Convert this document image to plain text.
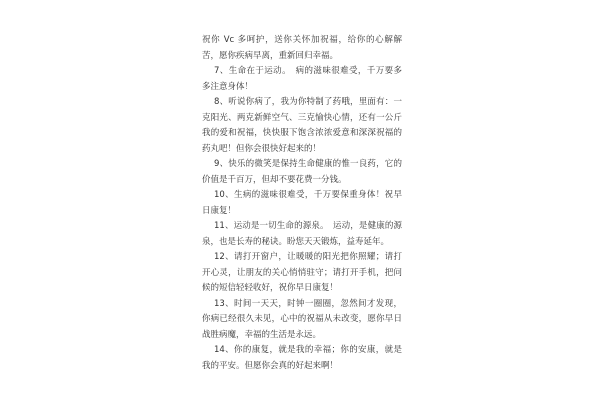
祝你 Vc 多呵护，送你关怀加祝福，给你的心解解苦，愿你疾病早离，重新回归幸福。

7、生命在于运动。　病的滋味很难受，千万要多多注意身体！

8、听说你病了，我为你特制了药哦，里面有：一克阳光、两克新鲜空气、三克愉快心情，还有一公斤我的爱和祝福，快快服下饱含浓浓爱意和深深祝福的药丸吧！但你会很快好起来的！

9、快乐的微笑是保持生命健康的惟一良药，它的价值是千百万，但却不要花费一分钱。

10、生病的滋味很难受，千万要保重身体！祝早日康复！

11、运动是一切生命的源泉。　运动，是健康的源泉，也是长寿的秘诀。盼您天天锻炼，益寿延年。

12、请打开窗户，让暖暖的阳光把你照耀；请打开心灵，让朋友的关心悄悄驻守；请打开手机，把问候的短信轻轻收好，祝你早日康复！

13、时间一天天，时钟一圈圈，忽然间才发现，你病已经很久未见，心中的祝福从未改变，愿你早日战胜病魔，幸福的生活是永远。

14、你的康复，就是我的幸福；你的安康，就是我的平安。但愿你会真的好起来啊！
